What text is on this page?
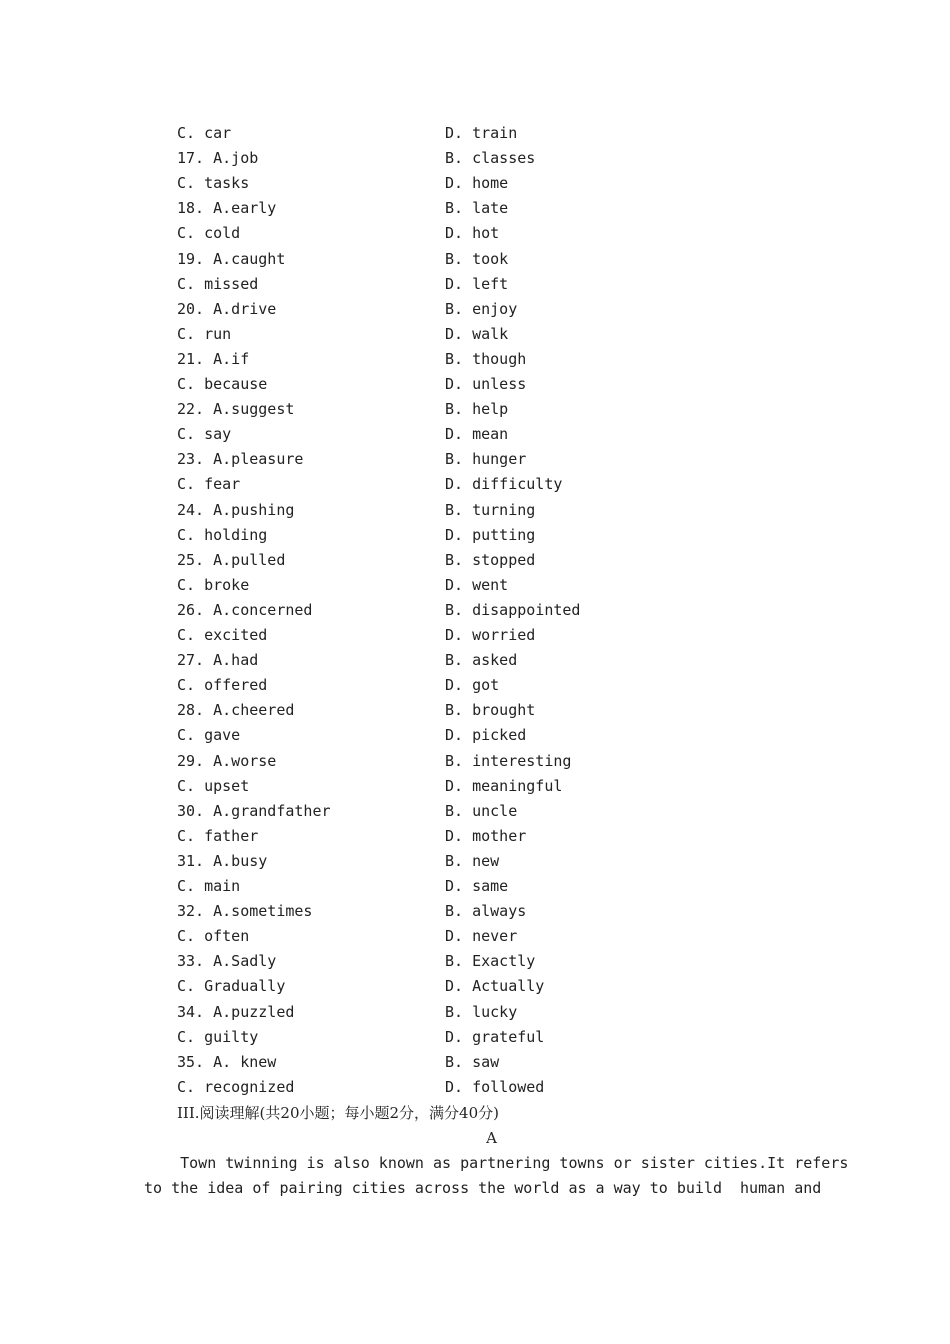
C. car	D. train
17. A.job	B. classes
C. tasks	D. home
18. A.early	B. late
C. cold	D. hot
19. A.caught	B. took
C. missed	D. left
20. A.drive	B. enjoy
C. run	D. walk
21. A.if	B. though
C. because	D. unless
22. A.suggest	B. help
C. say	D. mean
23. A.pleasure	B. hunger
C. fear	D. difficulty
24. A.pushing	B. turning
C. holding	D. putting
25. A.pulled	B. stopped
C. broke	D. went
26. A.concerned	B. disappointed
C. excited	D. worried
27. A.had	B. asked
C. offered	D. got
28. A.cheered	B. brought
C. gave	D. picked
29. A.worse	B. interesting
C. upset	D. meaningful
30. A.grandfather	B. uncle
C. father	D. mother
31. A.busy	B. new
C. main	D. same
32. A.sometimes	B. always
C. often	D. never
33. A.Sadly	B. Exactly
C. Gradually	D. Actually
34. A.puzzled	B. lucky
C. guilty	D. grateful
35. A. knew	B. saw
C. recognized	D. followed
III.阅读理解(共20小题；每小题2分，满分40分)
A
Town twinning is also known as partnering towns or sister cities.It refers
to the idea of pairing cities across the world as a way to build  human and
